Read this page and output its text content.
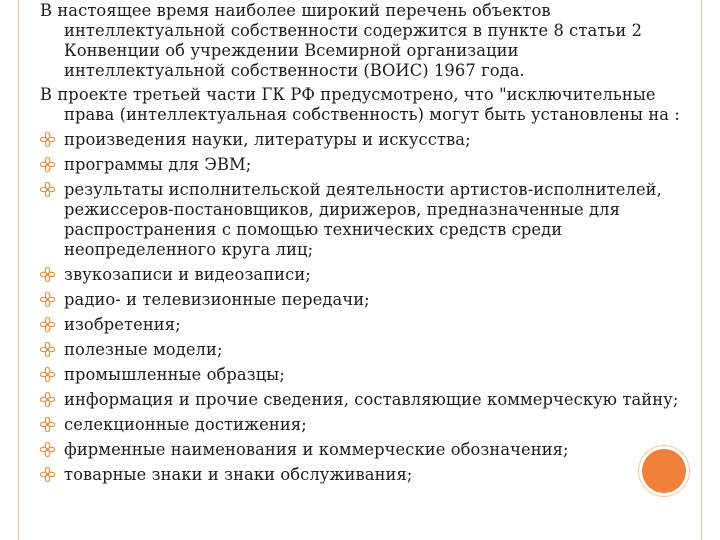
В настоящее время наиболее широкий перечень объектов интеллектуальной собственности содержится в пункте 8 статьи 2 Конвенции об учреждении Всемирной организации интеллектуальной собственности (ВОИС) 1967 года.

В проекте третьей части ГК РФ предусмотрено, что "исключительные права (интеллектуальная собственность) могут быть установлены на :

произведения науки, литературы и искусства;
программы для ЭВМ;
результаты исполнительской деятельности артистов-исполнителей, режиссеров-постановщиков, дирижеров, предназначенные для распространения с помощью технических средств среди неопределенного круга лиц;
звукозаписи и видеозаписи;
радио- и телевизионные передачи;
изобретения;
полезные модели;
промышленные образцы;
информация и прочие сведения, составляющие коммерческую тайну;
селекционные достижения;
фирменные наименования и коммерческие обозначения;
товарные знаки и знаки обслуживания;
